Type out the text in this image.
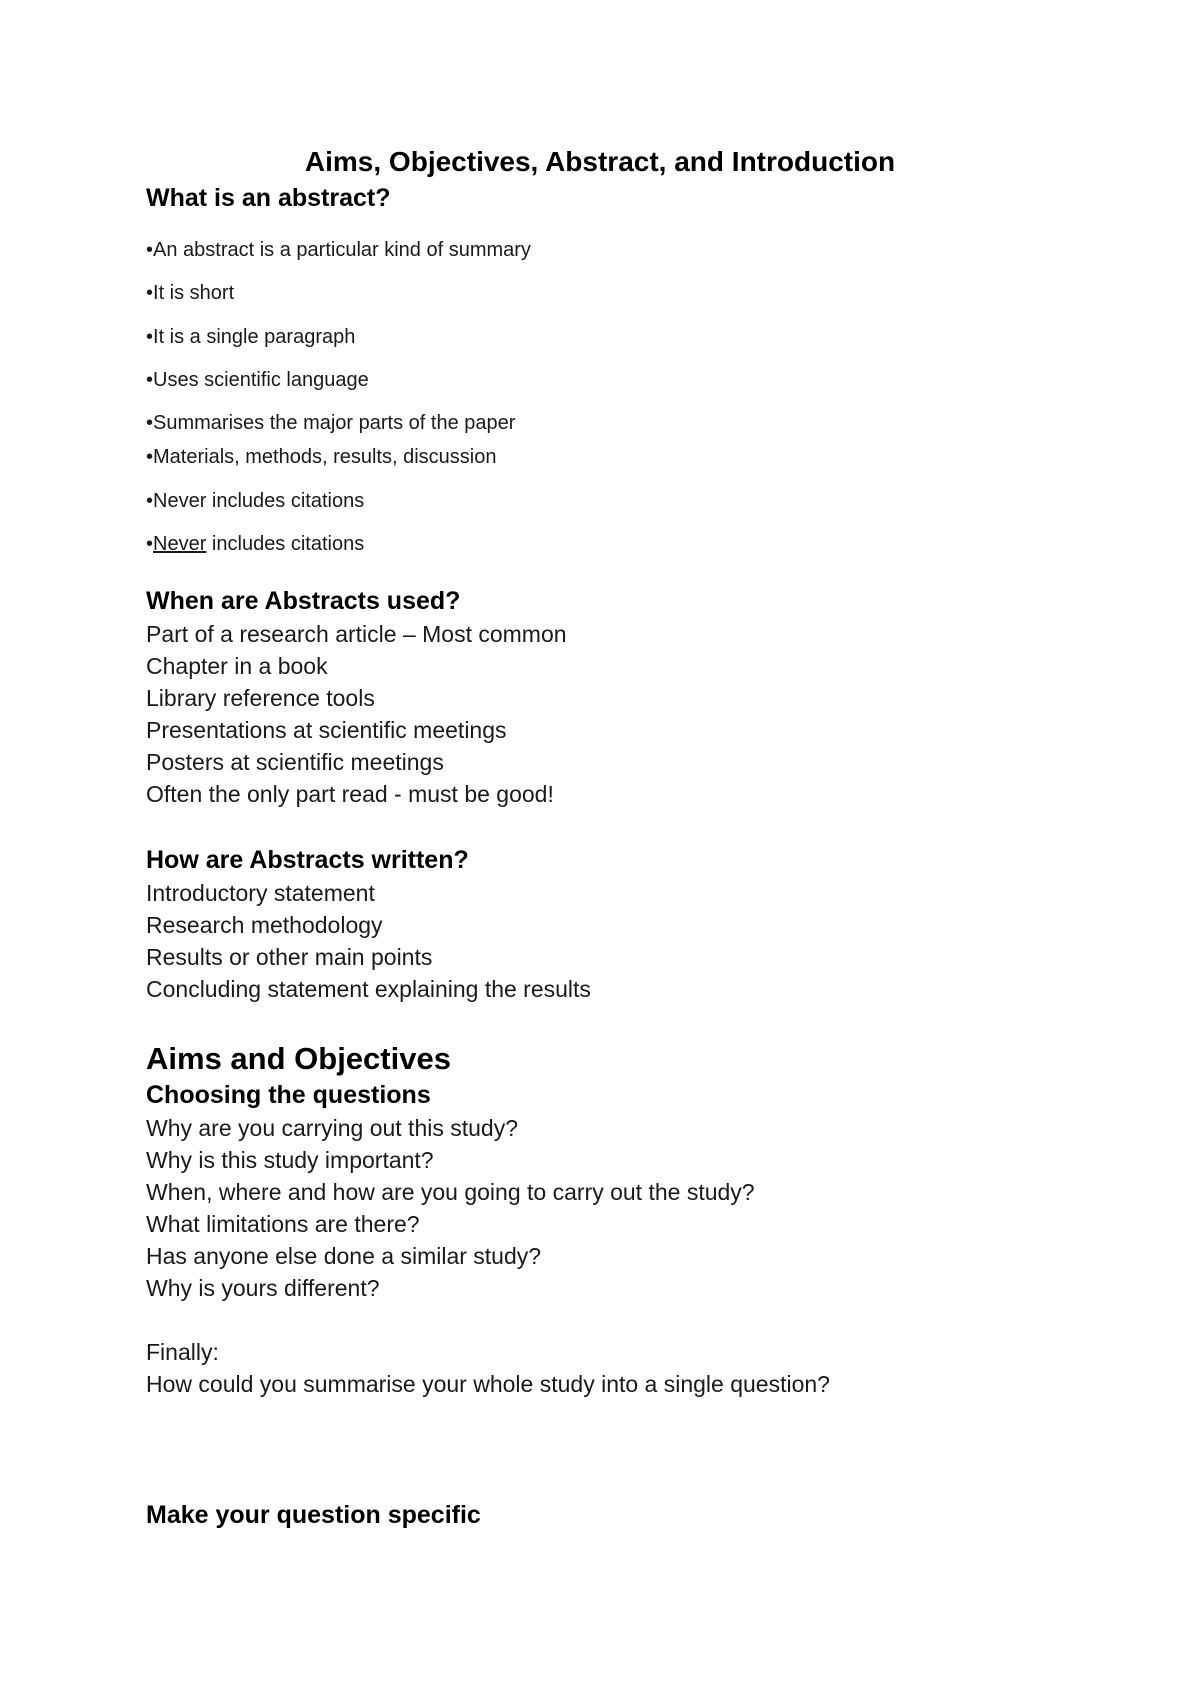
Aims, Objectives, Abstract, and Introduction
What is an abstract?
•An abstract is a particular kind of summary
•It is short
•It is a single paragraph
•Uses scientific language
•Summarises the major parts of the paper
•Materials, methods, results, discussion
•Never includes citations
•Never includes citations
When are Abstracts used?
Part of a research article – Most common
Chapter in a book
Library reference tools
Presentations at scientific meetings
Posters at scientific meetings
Often the only part read - must be good!
How are Abstracts written?
Introductory statement
Research methodology
Results or other main points
Concluding statement explaining the results
Aims and Objectives
Choosing the questions
Why are you carrying out this study?
Why is this study important?
When, where and how are you going to carry out the study?
What limitations are there?
Has anyone else done a similar study?
Why is yours different?
Finally:
How could you summarise your whole study into a single question?
Make your question specific
